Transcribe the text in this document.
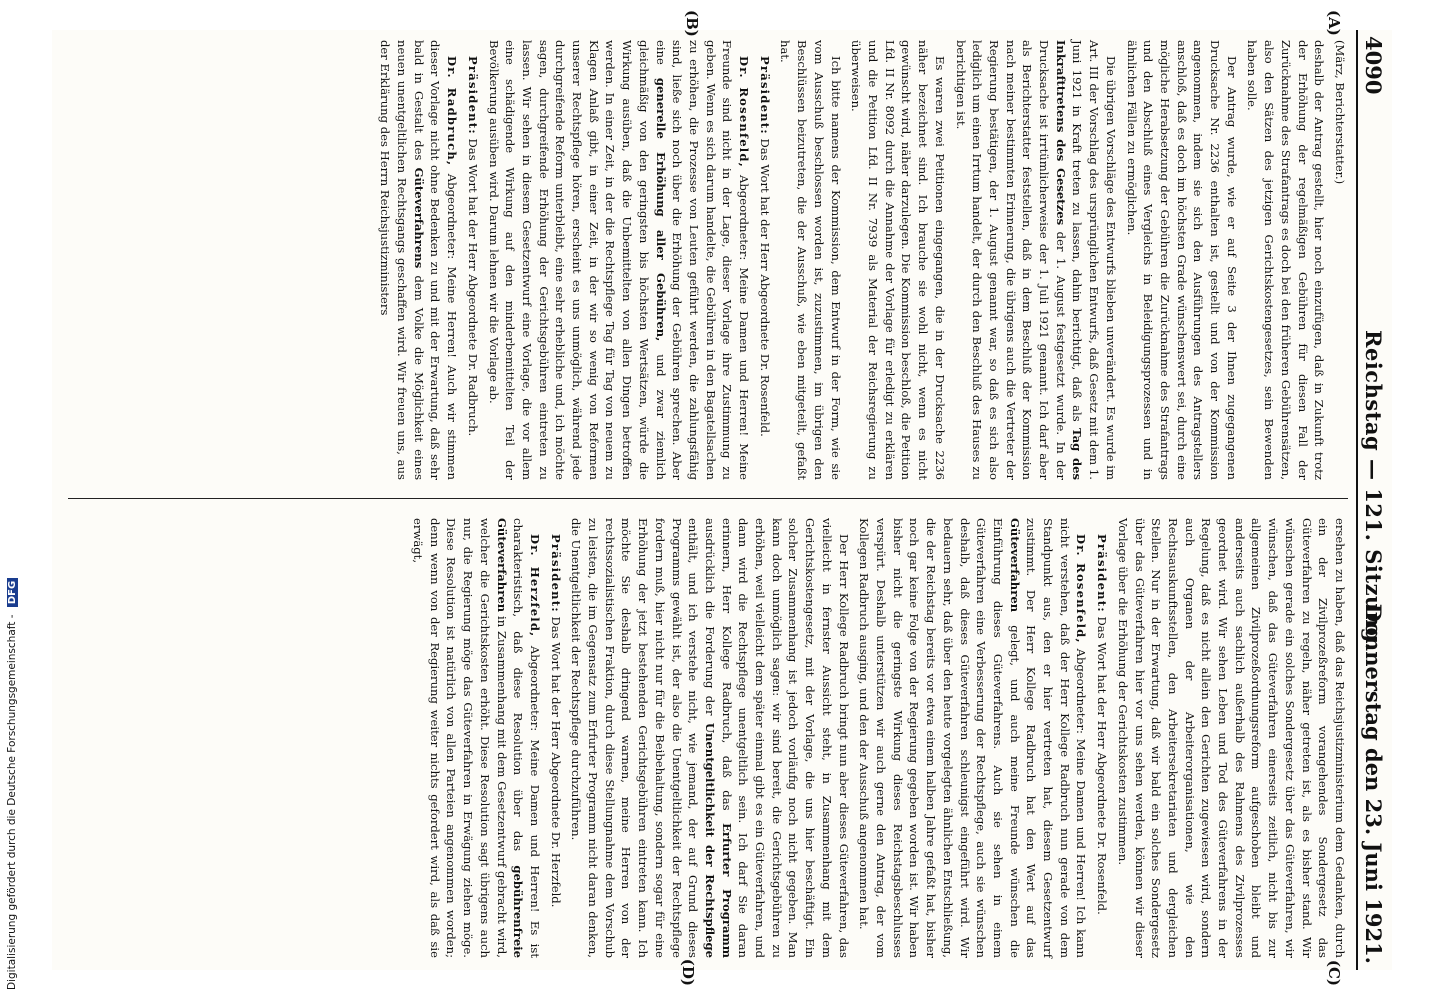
Digitalisierung gefördert durch die Deutsche Forschungsgemeinschaft - DFG
4090
Reichstag — 121. Sitzung.
Donnerstag den 23. Juni 1921.
(A)
(B)

(März, Berichterstatter.)

deshalb der Antrag gestellt, hier noch einzufügen, daß in Zukunft trotz der Erhöhung der regelmäßigen Gebühren für diesen Fall der Zurücknahme des Strafantrags es doch bei den früheren Gebührensätzen, also den Sätzen des jetzigen Gerichtskostengesetzes, sein Bewenden haben solle.

Der Antrag wurde, wie er auf Seite 3 der Ihnen zugegangenen Drucksache Nr. 2236 enthalten ist, gestellt und von der Kommission angenommen, indem sie sich den Ausführungen des Antragstellers anschloß, daß es doch im höchsten Grade wünschenswert sei, durch eine mögliche Herabsetzung der Gebühren die Zurücknahme des Strafantrags und den Abschluß eines Vergleichs in Beleidigungsprozessen und in ähnlichen Fällen zu ermöglichen.

Die übrigen Vorschläge des Entwurfs blieben unverändert. Es wurde im Art. III der Vorschlag des ursprünglichen Entwurfs, daß Gesetz mit dem 1. Juni 1921 in Kraft treten zu lassen, dahin berichtigt, daß als Tag des Inkrafttretens des Gesetzes der 1. August festgesetzt wurde. In der Drucksache ist irrtümlicherweise der 1. Juli 1921 genannt. Ich darf aber als Berichterstatter feststellen, daß in dem Beschluß der Kommission nach meiner bestimmten Erinnerung, die übrigens auch die Vertreter der Regierung bestätigen, der 1. August genannt war, so daß es sich also lediglich um einen Irrtum handelt, der durch den Beschluß des Hauses zu berichtigen ist.

Es waren zwei Petitionen eingegangen, die in der Drucksache 2236 näher bezeichnet sind. Ich brauche sie wohl nicht, wenn es nicht gewünscht wird, näher darzulegen. Die Kommission beschloß, die Petition Lfd. II Nr. 8092 durch die Annahme der Vorlage für erledigt zu erklären und die Petition Lfd. II Nr. 7939 als Material der Reichsregierung zu überweisen.

Ich bitte namens der Kommission, dem Entwurf in der Form, wie sie vom Ausschuß beschlossen worden ist, zuzustimmen, im übrigen den Beschlüssen beizutreten, die der Ausschuß, wie eben mitgeteilt, gefaßt hat.

Präsident: Das Wort hat der Herr Abgeordnete Dr. Rosenfeld.

Dr. Rosenfeld, Abgeordneter: Meine Damen und Herren! Meine Freunde sind nicht in der Lage, dieser Vorlage ihre Zustimmung zu geben. Wenn es sich darum handelte, die Gebühren in den Bagatellsachen zu erhöhen, die Prozesse von Leuten geführt werden, die zahlungsfähig sind, ließe sich noch über die Erhöhung der Gebühren sprechen. Aber eine generelle Erhöhung aller Gebühren, und zwar ziemlich gleichmäßig von den geringsten bis höchsten Wertsätzen, würde die Wirkung ausüben, daß die Unbemittelten von allen Dingen betroffen werden. In einer Zeit, in der die Rechtspflege Tag für Tag von neuem zu Klagen Anlaß gibt, in einer Zeit, in der wir so wenig von Reformen unserer Rechtspflege hören, erscheint es uns unmöglich, während jede durchgreifende Reform unterbleibt, eine sehr erhebliche und, ich möchte sagen, durchgreifende Erhöhung der Gerichtsgebühren eintreten zu lassen. Wir sehen in diesem Gesetzentwurf eine Vorlage, die vor allem eine schädigende Wirkung auf den minderbemittelten Teil der Bevölkerung ausüben wird. Darum lehnen wir die Vorlage ab.

Präsident: Das Wort hat der Herr Abgeordnete Dr. Radbruch.

Dr. Radbruch, Abgeordneter: Meine Herren! Auch wir stimmen dieser Vorlage nicht ohne Bedenken zu und mit der Erwartung, daß sehr bald in Gestalt des Güteverfahrens dem Volke die Möglichkeit eines neuen unentgeltlichen Rechtsgangs geschaffen wird. Wir freuen uns, aus der Erklärung des Herrn Reichsjustizministers

(C)
(D)

ersehen zu haben, daß das Reichsjustizministerium dem Gedanken, durch ein der Zivilprozeßreform vorangehendes Sondergesetz das Güteverfahren zu regeln, näher getreten ist, als es bisher stand. Wir wünschen gerade ein solches Sondergesetz über das Güteverfahren, wir wünschen, daß das Güteverfahren einerseits zeitlich, nicht bis zur allgemeinen Zivilprozeßordnungsreform aufgeschoben bleibt und anderseits auch sachlich außerhalb des Rahmens des Zivilprozesses geordnet wird. Wir sehen Leben und Tod des Güteverfahrens in der Regelung, daß es nicht allein den Gerichten zugewiesen wird, sondern auch Organen der Arbeiterorganisationen, wie den Rechtsauskunftsstellen, den Arbeitersekretariaten und dergleichen Stellen. Nur in der Erwartung, daß wir bald ein solches Sondergesetz über das Güteverfahren hier vor uns sehen werden, können wir dieser Vorlage über die Erhöhung der Gerichtskosten zustimmen.

Präsident: Das Wort hat der Herr Abgeordnete Dr. Rosenfeld.

Dr. Rosenfeld, Abgeordneter: Meine Damen und Herren! Ich kann nicht verstehen, daß der Herr Kollege Radbruch nun gerade von dem Standpunkt aus, den er hier vertreten hat, diesem Gesetzentwurf zustimmt. Der Herr Kollege Radbruch hat den Wert auf das Güteverfahren gelegt, und auch meine Freunde wünschen die Einführung dieses Güteverfahrens. Auch sie sehen in einem Güteverfahren eine Verbesserung der Rechtspflege, auch sie wünschen deshalb, daß dieses Güteverfahren schleunigst eingeführt wird. Wir bedauern sehr, daß über den heute vorgelegten ähnlichen Entschließung, die der Reichstag bereits vor etwa einem halben Jahre gefaßt hat, bisher noch gar keine Folge von der Regierung gegeben worden ist. Wir haben bisher nicht die geringste Wirkung dieses Reichstagsbeschlusses verspürt. Deshalb unterstützen wir auch gerne den Antrag, der vom Kollegen Radbruch ausging, und den der Ausschuß angenommen hat.

Der Herr Kollege Radbruch bringt nun aber dieses Güteverfahren, das vielleicht in fernster Aussicht steht, in Zusammenhang mit dem Gerichtskostengesetz, mit der Vorlage, die uns hier beschäftigt. Ein solcher Zusammenhang ist jedoch vorläufig noch nicht gegeben. Man kann doch unmöglich sagen: wir sind bereit, die Gerichtsgebühren zu erhöhen, weil vielleicht dem später einmal gibt es ein Güteverfahren, und dann wird die Rechtspflege unentgeltlich sein. Ich darf Sie daran erinnern, Herr Kollege Radbruch, daß das Erfurter Programm ausdrücklich die Forderung der Unentgeltlichkeit der Rechtspflege enthält, und ich verstehe nicht, wie jemand, der auf Grund dieses Programms gewählt ist, der also die Unentgeltlichkeit der Rechtspflege fordern muß, hier nicht nur für die Beibehaltung, sondern sogar für eine Erhöhung der jetzt bestehenden Gerichtsgebühren eintreten kann. Ich möchte Sie deshalb dringend warnen, meine Herren von der rechtssozialistischen Fraktion, durch diese Stellungnahme dem Vorschub zu leisten, die im Gegensatz zum Erfurter Programm nicht daran denken, die Unentgeltlichkeit der Rechtspflege durchzuführen.

Präsident: Das Wort hat der Herr Abgeordnete Dr. Herzfeld.

Dr. Herzfeld, Abgeordneter: Meine Damen und Herren! Es ist charakteristisch, daß diese Resolution über das gebührenfreie Güteverfahren in Zusammenhang mit dem Gesetzentwurf gebracht wird, welcher die Gerichtskosten erhöht. Diese Resolution sagt übrigens auch nur, die Regierung möge das Güteverfahren in Erwägung ziehen möge. Diese Resolution ist natürlich von allen Parteien angenommen worden; denn wenn von der Regierung weiter nichts gefordert wird, als daß sie erwägt,
